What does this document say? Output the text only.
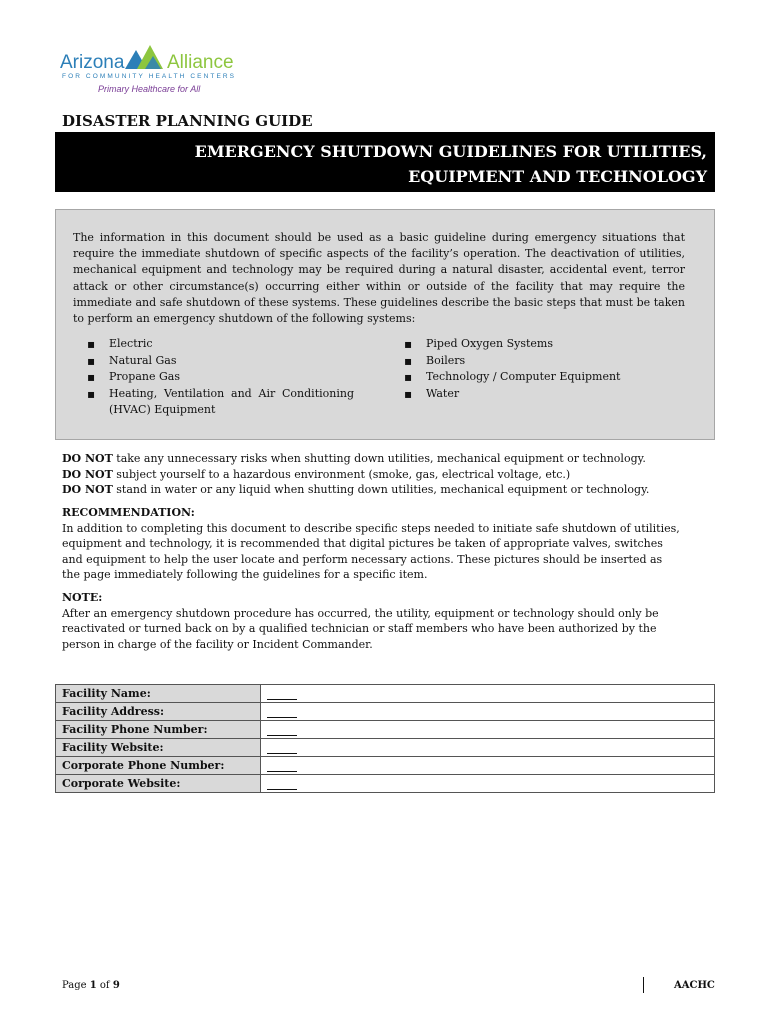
Arizona Alliance
FOR COMMUNITY HEALTH CENTERS
Primary Healthcare for All
DISASTER PLANNING GUIDE
EMERGENCY SHUTDOWN GUIDELINES FOR UTILITIES,
EQUIPMENT AND TECHNOLOGY

The information in this document should be used as a basic guideline during emergency situations that require the immediate shutdown of specific aspects of the facility’s operation. The deactivation of utilities, mechanical equipment and technology may be required during a natural disaster, accidental event, terror attack or other circumstance(s) occurring either within or outside of the facility that may require the immediate and safe shutdown of these systems. These guidelines describe the basic steps that must be taken to perform an emergency shutdown of the following systems:

▪ Electric
▪ Natural Gas
▪ Propane Gas
▪ Heating, Ventilation and Air Conditioning (HVAC) Equipment
▪ Piped Oxygen Systems
▪ Boilers
▪ Technology / Computer Equipment
▪ Water
DO NOT take any unnecessary risks when shutting down utilities, mechanical equipment or technology.
DO NOT subject yourself to a hazardous environment (smoke, gas, electrical voltage, etc.)
DO NOT stand in water or any liquid when shutting down utilities, mechanical equipment or technology.
RECOMMENDATION:
In addition to completing this document to describe specific steps needed to initiate safe shutdown of utilities, equipment and technology, it is recommended that digital pictures be taken of appropriate valves, switches and equipment to help the user locate and perform necessary actions. These pictures should be inserted as the page immediately following the guidelines for a specific item.
NOTE:
After an emergency shutdown procedure has occurred, the utility, equipment or technology should only be reactivated or turned back on by a qualified technician or staff members who have been authorized by the person in charge of the facility or Incident Commander.
Facility Name:	
Facility Address:	
Facility Phone Number:	
Facility Website:	
Corporate Phone Number:	
Corporate Website:	
Page 1 of 9	AACHC
